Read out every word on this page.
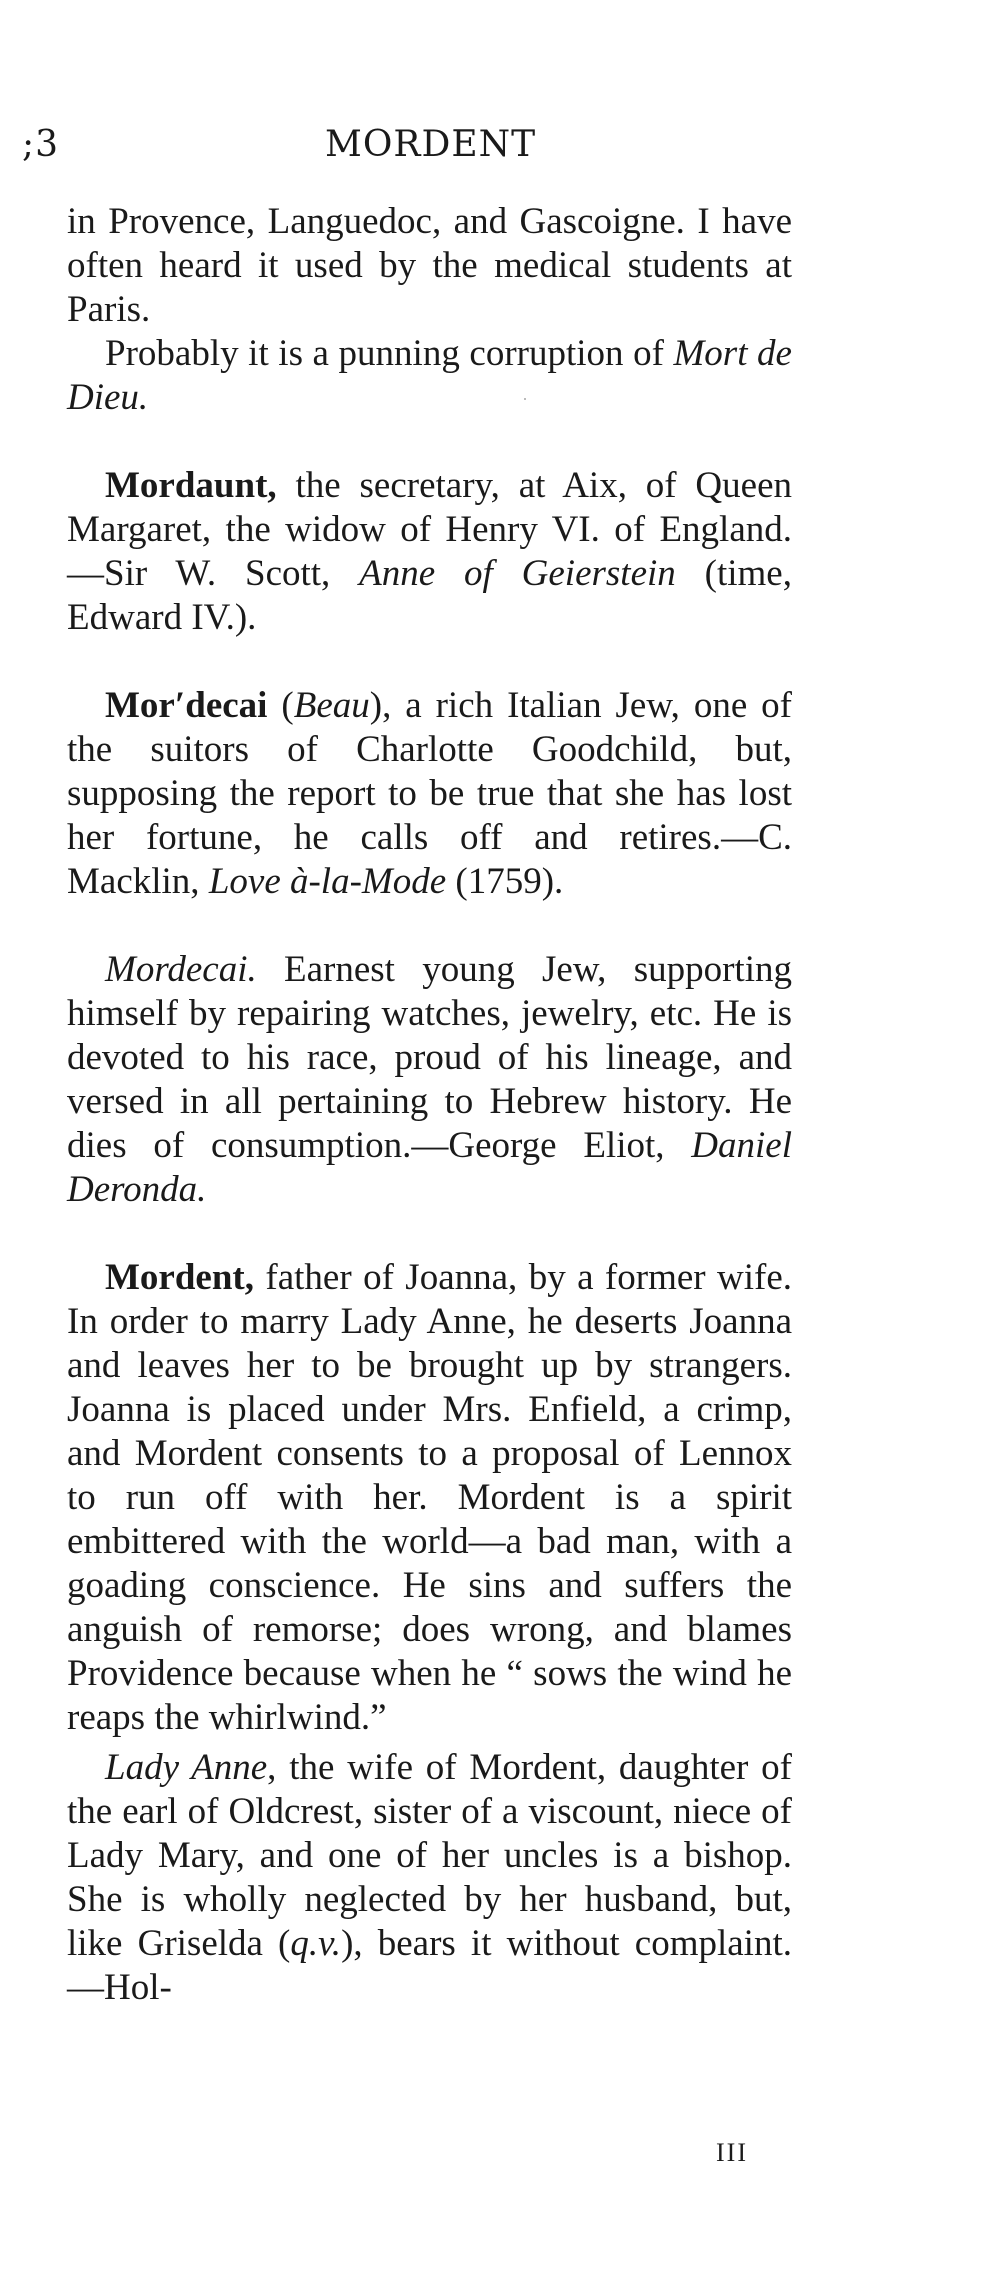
;3	MORDENT

in Provence, Languedoc, and Gascoigne. I have often heard it used by the medical students at Paris.

Probably it is a punning corruption of Mort de Dieu.

Mordaunt, the secretary, at Aix, of Queen Margaret, the widow of Henry VI. of England.—Sir W. Scott, Anne of Geierstein (time, Edward IV.).

Mor′decai (Beau), a rich Italian Jew, one of the suitors of Charlotte Goodchild, but, supposing the report to be true that she has lost her fortune, he calls off and retires.—C. Macklin, Love à-la-Mode (1759).

Mordecai. Earnest young Jew, supporting himself by repairing watches, jewelry, etc. He is devoted to his race, proud of his lineage, and versed in all pertaining to Hebrew history. He dies of consumption.—George Eliot, Daniel Deronda.

Mordent, father of Joanna, by a former wife. In order to marry Lady Anne, he deserts Joanna and leaves her to be brought up by strangers. Joanna is placed under Mrs. Enfield, a crimp, and Mordent consents to a proposal of Lennox to run off with her. Mordent is a spirit embittered with the world—a bad man, with a goading conscience. He sins and suffers the anguish of remorse; does wrong, and blames Providence because when he “ sows the wind he reaps the whirlwind.”

Lady Anne, the wife of Mordent, daughter of the earl of Oldcrest, sister of a viscount, niece of Lady Mary, and one of her uncles is a bishop. She is wholly neglected by her husband, but, like Griselda (q.v.), bears it without complaint.—Hol-

III
